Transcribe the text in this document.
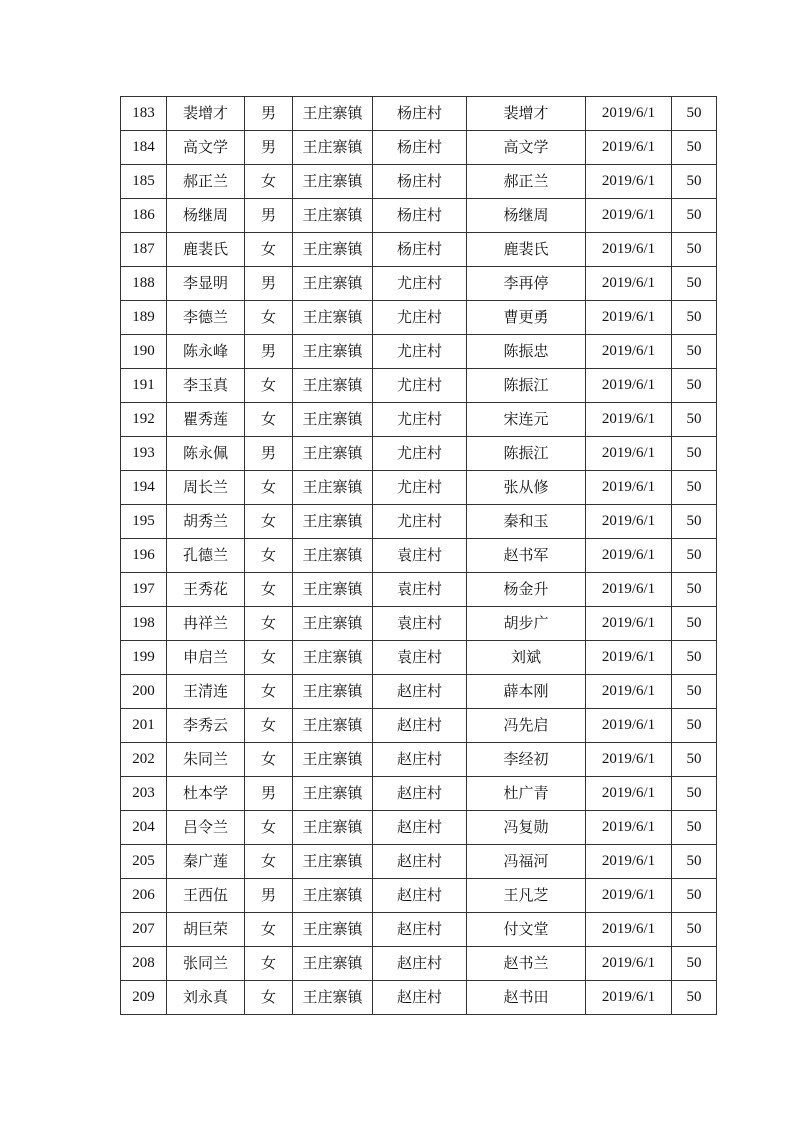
183	裴增才	男	王庄寨镇	杨庄村	裴增才	2019/6/1	50
184	高文学	男	王庄寨镇	杨庄村	高文学	2019/6/1	50
185	郝正兰	女	王庄寨镇	杨庄村	郝正兰	2019/6/1	50
186	杨继周	男	王庄寨镇	杨庄村	杨继周	2019/6/1	50
187	鹿裴氏	女	王庄寨镇	杨庄村	鹿裴氏	2019/6/1	50
188	李显明	男	王庄寨镇	尤庄村	李再停	2019/6/1	50
189	李德兰	女	王庄寨镇	尤庄村	曹更勇	2019/6/1	50
190	陈永峰	男	王庄寨镇	尤庄村	陈振忠	2019/6/1	50
191	李玉真	女	王庄寨镇	尤庄村	陈振江	2019/6/1	50
192	瞿秀莲	女	王庄寨镇	尤庄村	宋连元	2019/6/1	50
193	陈永佩	男	王庄寨镇	尤庄村	陈振江	2019/6/1	50
194	周长兰	女	王庄寨镇	尤庄村	张从修	2019/6/1	50
195	胡秀兰	女	王庄寨镇	尤庄村	秦和玉	2019/6/1	50
196	孔德兰	女	王庄寨镇	袁庄村	赵书军	2019/6/1	50
197	王秀花	女	王庄寨镇	袁庄村	杨金升	2019/6/1	50
198	冉祥兰	女	王庄寨镇	袁庄村	胡步广	2019/6/1	50
199	申启兰	女	王庄寨镇	袁庄村	刘斌	2019/6/1	50
200	王清连	女	王庄寨镇	赵庄村	薜本刚	2019/6/1	50
201	李秀云	女	王庄寨镇	赵庄村	冯先启	2019/6/1	50
202	朱同兰	女	王庄寨镇	赵庄村	李经初	2019/6/1	50
203	杜本学	男	王庄寨镇	赵庄村	杜广青	2019/6/1	50
204	吕令兰	女	王庄寨镇	赵庄村	冯复勋	2019/6/1	50
205	秦广莲	女	王庄寨镇	赵庄村	冯福河	2019/6/1	50
206	王西伍	男	王庄寨镇	赵庄村	王凡芝	2019/6/1	50
207	胡巨荣	女	王庄寨镇	赵庄村	付文堂	2019/6/1	50
208	张同兰	女	王庄寨镇	赵庄村	赵书兰	2019/6/1	50
209	刘永真	女	王庄寨镇	赵庄村	赵书田	2019/6/1	50
